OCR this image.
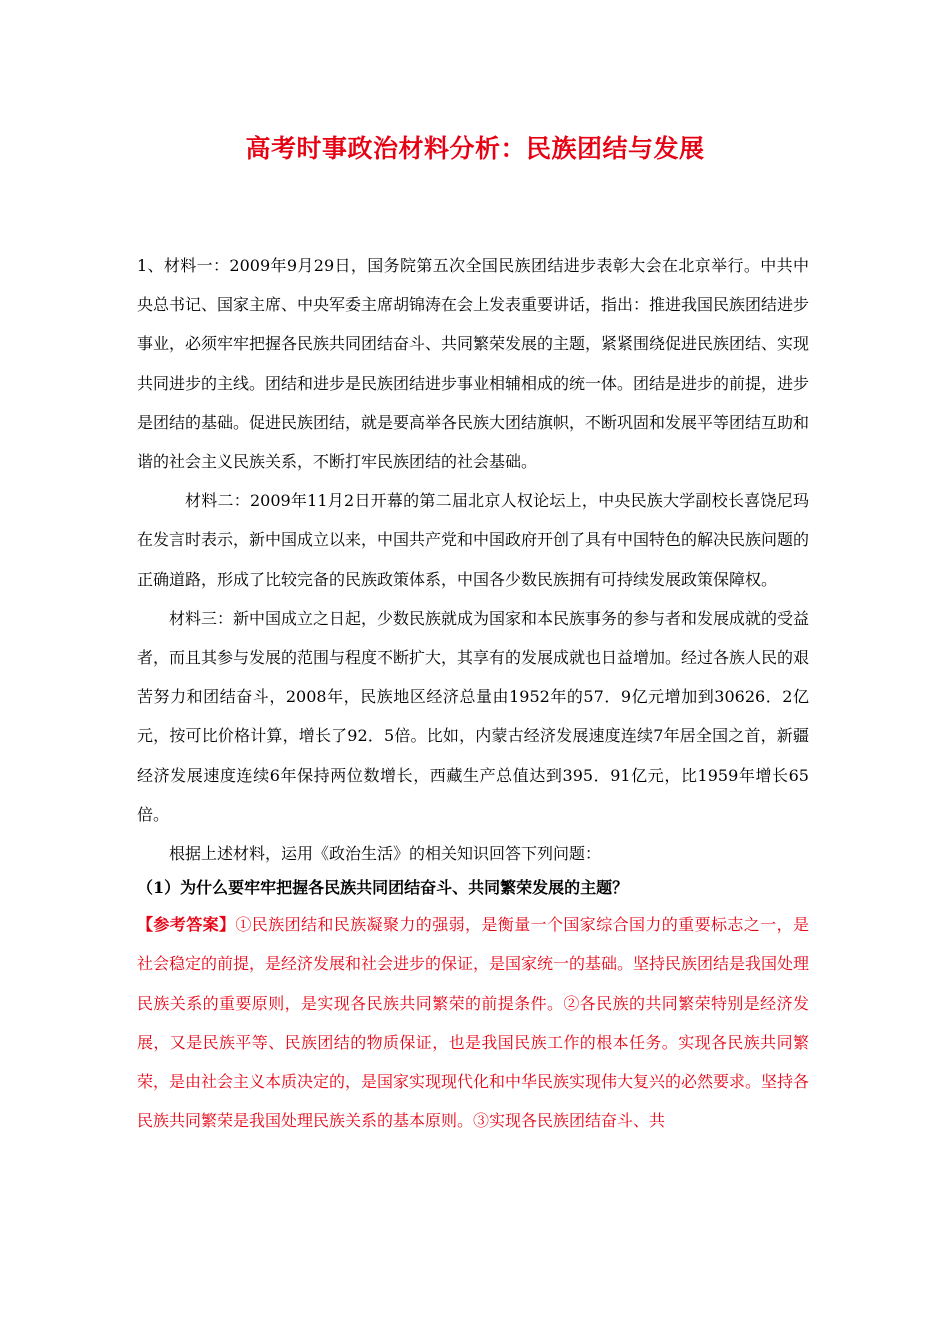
高考时事政治材料分析：民族团结与发展

1、材料一：2009年9月29日，国务院第五次全国民族团结进步表彰大会在北京举行。中共中央总书记、国家主席、中央军委主席胡锦涛在会上发表重要讲话，指出：推进我国民族团结进步事业，必须牢牢把握各民族共同团结奋斗、共同繁荣发展的主题，紧紧围绕促进民族团结、实现共同进步的主线。团结和进步是民族团结进步事业相辅相成的统一体。团结是进步的前提，进步是团结的基础。促进民族团结，就是要高举各民族大团结旗帜，不断巩固和发展平等团结互助和谐的社会主义民族关系，不断打牢民族团结的社会基础。

材料二：2009年11月2日开幕的第二届北京人权论坛上，中央民族大学副校长喜饶尼玛在发言时表示，新中国成立以来，中国共产党和中国政府开创了具有中国特色的解决民族问题的正确道路，形成了比较完备的民族政策体系，中国各少数民族拥有可持续发展政策保障权。

材料三：新中国成立之日起，少数民族就成为国家和本民族事务的参与者和发展成就的受益者，而且其参与发展的范围与程度不断扩大，其享有的发展成就也日益增加。经过各族人民的艰苦努力和团结奋斗，2008年，民族地区经济总量由1952年的57．9亿元增加到30626．2亿元，按可比价格计算，增长了92．5倍。比如，内蒙古经济发展速度连续7年居全国之首，新疆经济发展速度连续6年保持两位数增长，西藏生产总值达到395．91亿元，比1959年增长65倍。

根据上述材料，运用《政治生活》的相关知识回答下列问题：

（1）为什么要牢牢把握各民族共同团结奋斗、共同繁荣发展的主题？

【参考答案】①民族团结和民族凝聚力的强弱，是衡量一个国家综合国力的重要标志之一，是社会稳定的前提，是经济发展和社会进步的保证，是国家统一的基础。坚持民族团结是我国处理民族关系的重要原则，是实现各民族共同繁荣的前提条件。②各民族的共同繁荣特别是经济发展，又是民族平等、民族团结的物质保证，也是我国民族工作的根本任务。实现各民族共同繁荣，是由社会主义本质决定的，是国家实现现代化和中华民族实现伟大复兴的必然要求。坚持各民族共同繁荣是我国处理民族关系的基本原则。③实现各民族团结奋斗、共
